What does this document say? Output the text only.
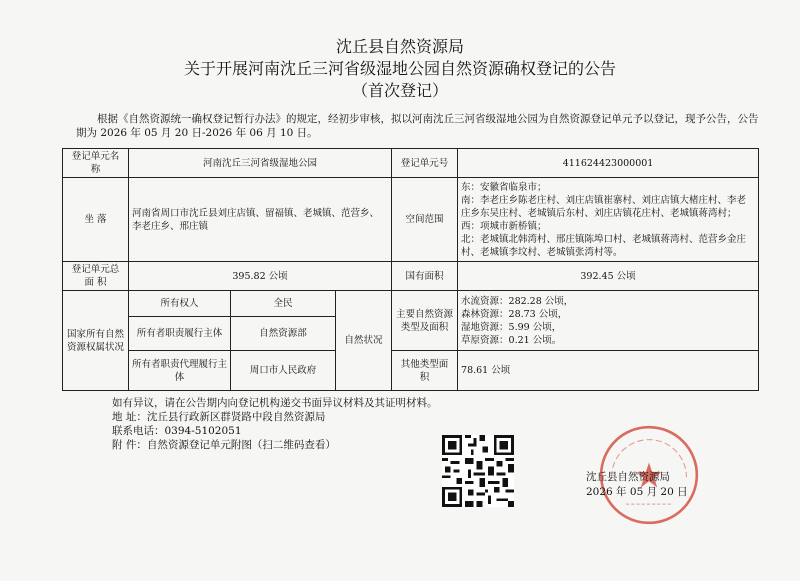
沈丘县自然资源局
关于开展河南沈丘三河省级湿地公园自然资源确权登记的公告
（首次登记）
根据《自然资源统一确权登记暂行办法》的规定，经初步审核，拟以河南沈丘三河省级湿地公园为自然资源登记单元予以登记，现予公告，公告期为 2026 年 05 月 20 日-2026 年 06 月 10 日。
登记单元名 称	河南沈丘三河省级湿地公园			登记单元号	411624423000001
坐 落	河南省周口市沈丘县刘庄店镇、留福镇、老城镇、范营乡、李老庄乡、邢庄镇			空间范围	东：安徽省临泉市；
南：李老庄乡陈老庄村、刘庄店镇崔寨村、刘庄店镇大楮庄村、李老庄乡东吴庄村、老城镇后东村、刘庄店镇花庄村、老城镇蒋湾村；
西：项城市新桥镇；
北：老城镇北韩湾村、邢庄镇陈埠口村、老城镇蒋湾村、范营乡金庄村、老城镇李坟村、老城镇张湾村等。

登记单元总 面 积	395.82 公顷			国有面积	392.45 公顷
国家所有自然资源权属状况	所有权人	全民	自然状况	主要自然资源类型及面积	水流资源：282.28 公顷，
森林资源：28.73 公顷，
湿地资源：5.99 公顷，
草原资源：0.21 公顷。

	所有者职责履行主体	自然资源部			
	所有者职责代理履行主体	周口市人民政府		其他类型面 积	78.61 公顷
如有异议，请在公告期内向登记机构递交书面异议材料及其证明材料。
地 址：沈丘县行政新区群贤路中段自然资源局
联系电话：0394-5102051
附 件：自然资源登记单元附图（扫二维码查看）
沈丘县自然资源局
2026 年 05 月 20 日
